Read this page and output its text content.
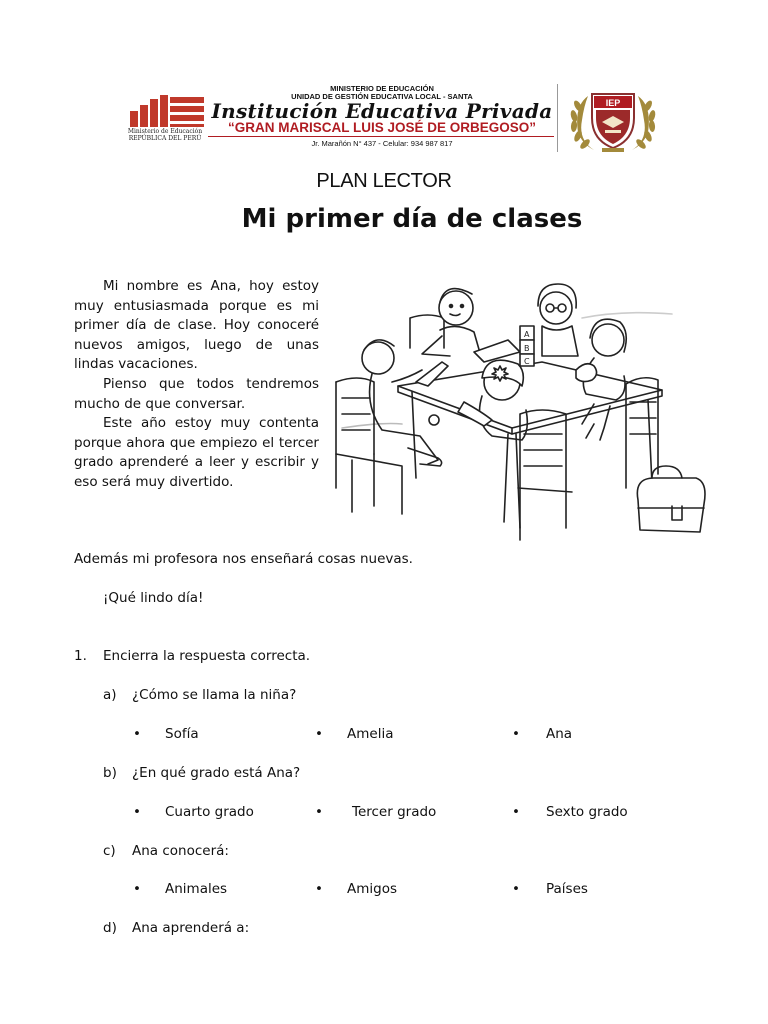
Ministerio de Educación REPÚBLICA DEL PERÚ
MINISTERIO DE EDUCACIÓN
UNIDAD DE GESTIÓN EDUCATIVA LOCAL - SANTA
Institución Educativa Privada
“GRAN MARISCAL LUIS JOSÉ DE ORBEGOSO”
Jr. Marañón N° 437 - Celular: 934 987 817
IEP
PLAN LECTOR
Mi primer día de clases

Mi nombre es Ana, hoy estoy muy entusiasmada porque es mi primer día de clase. Hoy conoceré nuevos amigos, luego de unas lindas vacaciones.

Pienso que todos tendremos mucho de que conversar.

Este año estoy muy contenta porque ahora que empiezo el tercer grado aprenderé a leer y escribir y eso será muy divertido.

Además mi profesora nos enseñará cosas nuevas.
¡Qué lindo día!
A
B
C
1. Encierra la respuesta correcta.
a) ¿Cómo se llama la niña?
• Sofía	• Amelia	• Ana
b) ¿En qué grado está Ana?
• Cuarto grado	• Tercer grado	• Sexto grado
c) Ana conocerá:
• Animales	• Amigos	• Países
d) Ana aprenderá a:
